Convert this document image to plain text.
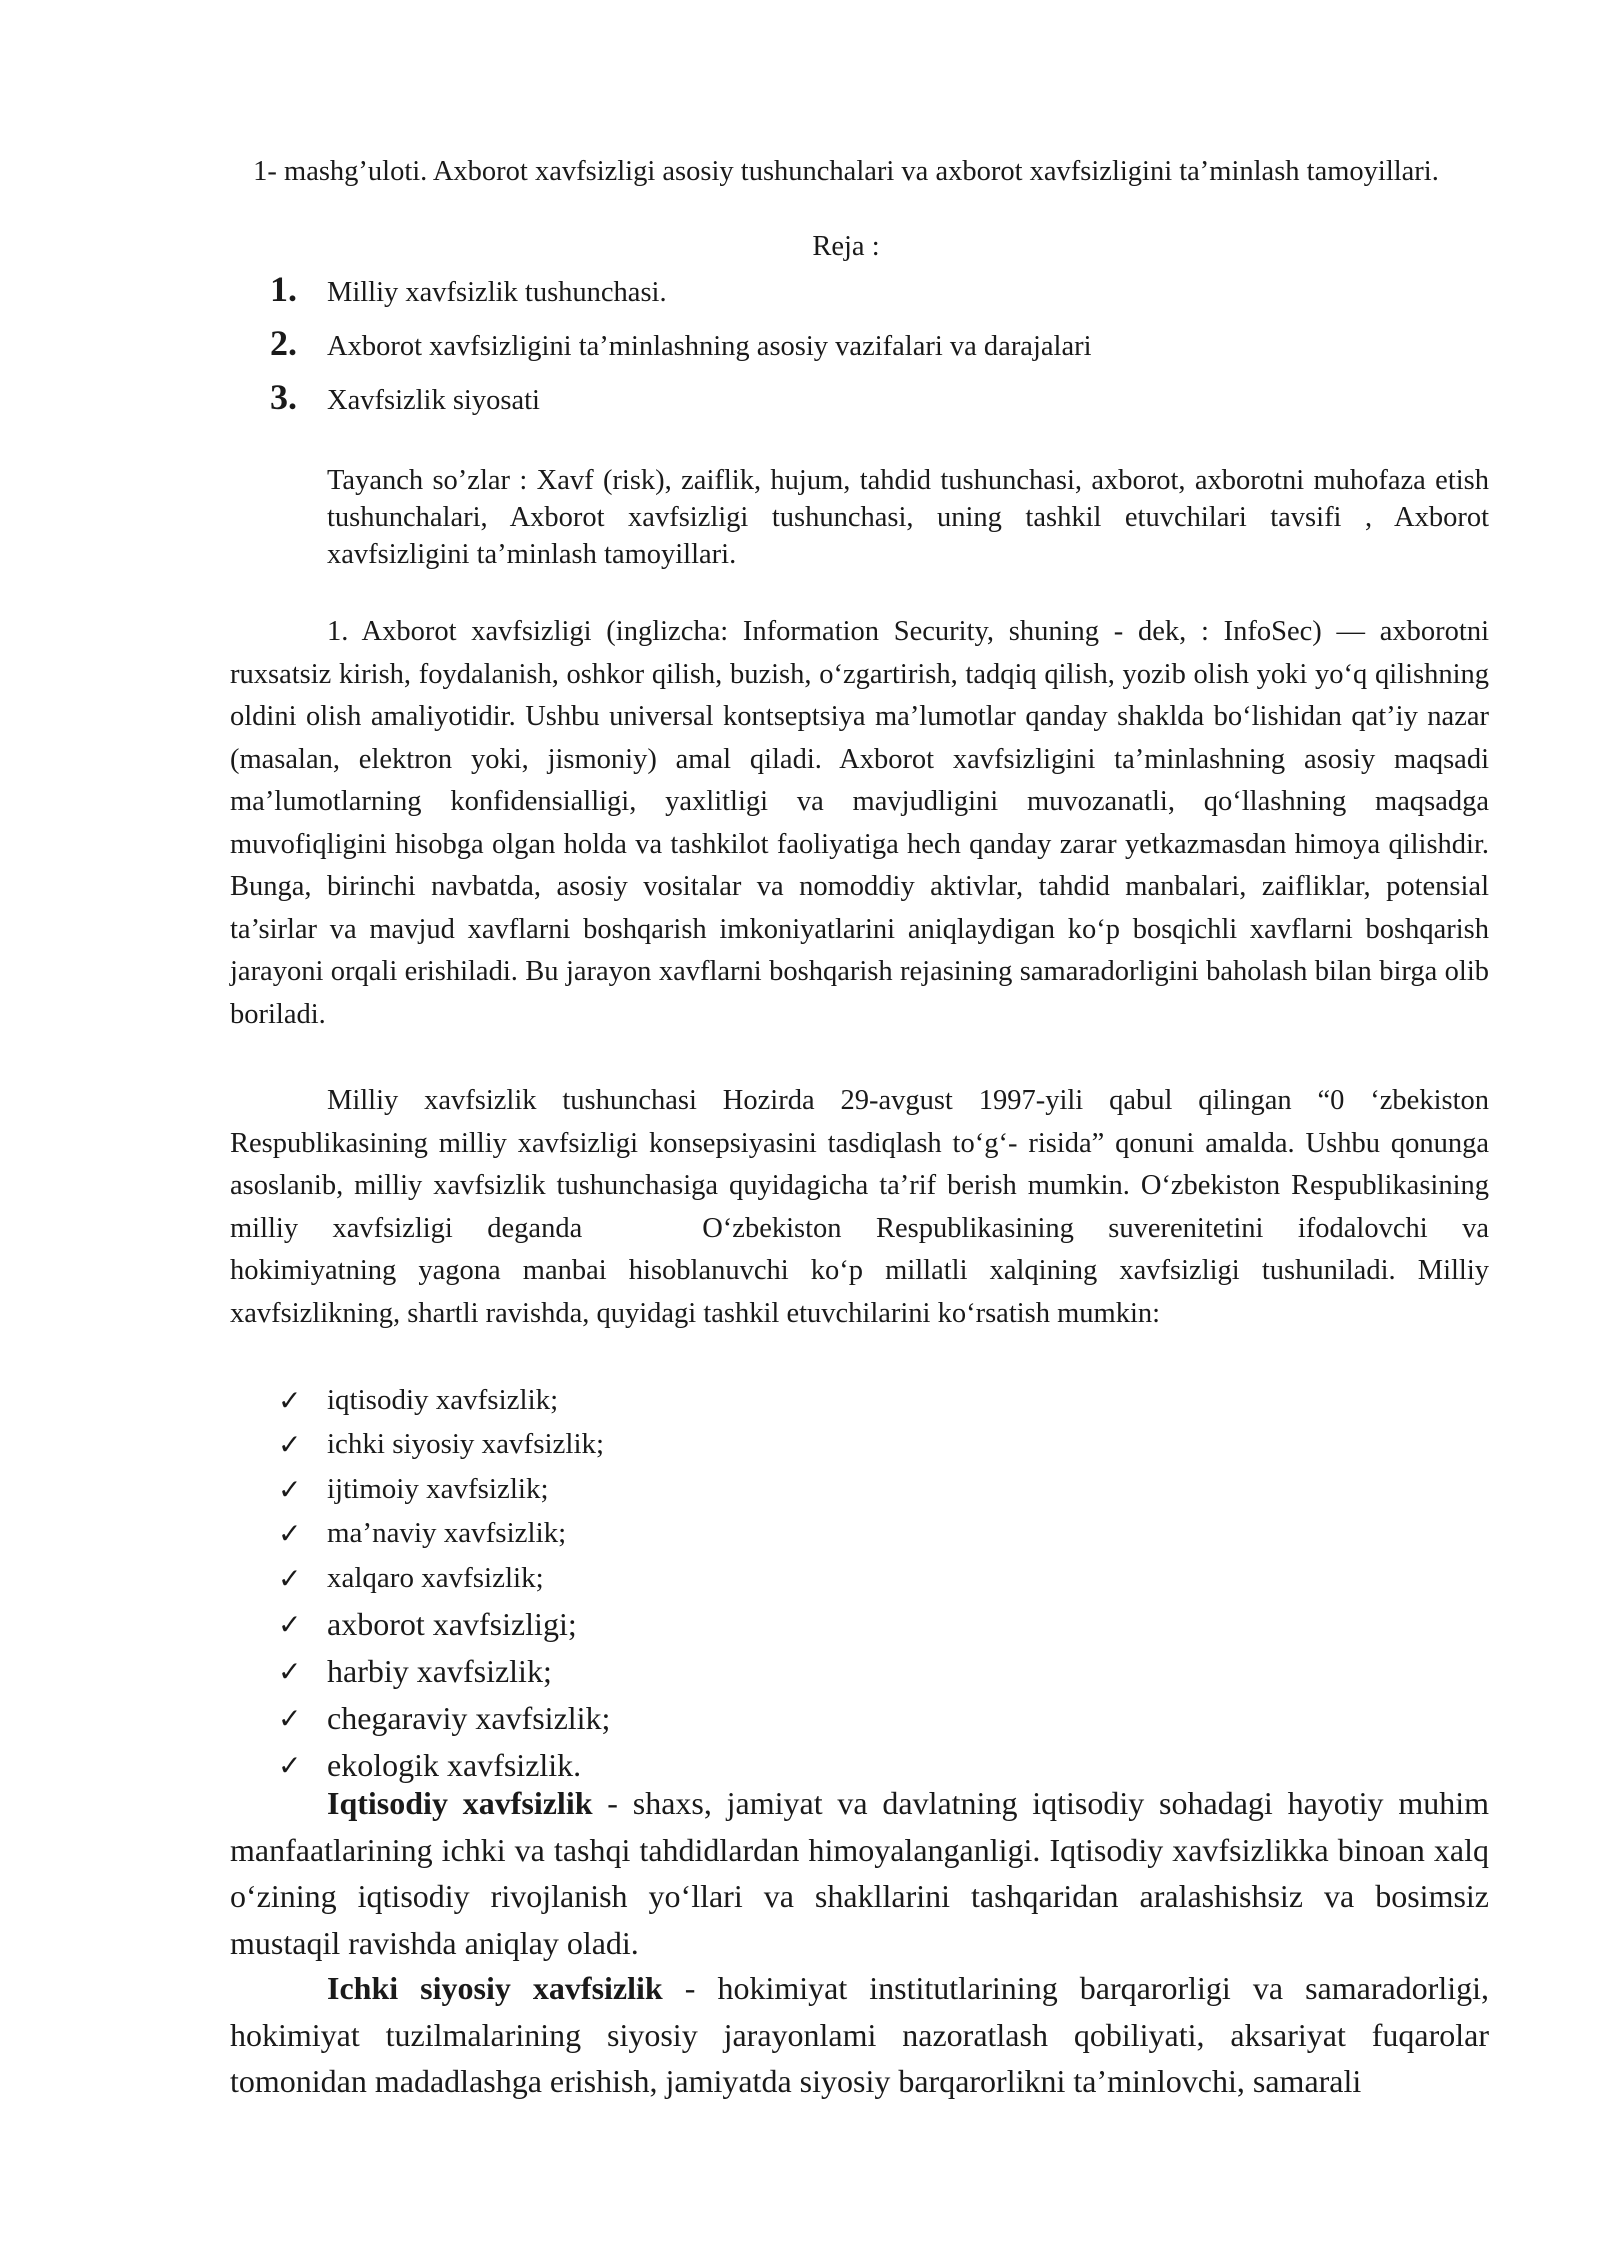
1- mashg’uloti. Axborot xavfsizligi asosiy tushunchalari va axborot xavfsizligini ta’minlash tamoyillari.
Reja :
1.	Milliy xavfsizlik tushunchasi.
2.	Axborot xavfsizligini ta’minlashning asosiy vazifalari va darajalari
3.	Xavfsizlik siyosati
Tayanch so’zlar : Xavf (risk), zaiflik, hujum, tahdid tushunchasi, axborot, axborotni muhofaza etish tushunchalari, Axborot xavfsizligi tushunchasi, uning tashkil etuvchilari tavsifi , Axborot xavfsizligini ta’minlash tamoyillari.
1. Axborot xavfsizligi (inglizcha: Information Security, shuning - dek, : InfoSec) — axborotni ruxsatsiz kirish, foydalanish, oshkor qilish, buzish, o‘zgartirish, tadqiq qilish, yozib olish yoki yo‘q qilishning oldini olish amaliyotidir. Ushbu universal kontseptsiya ma’lumotlar qanday shaklda bo‘lishidan qat’iy nazar (masalan, elektron yoki, jismoniy) amal qiladi. Axborot xavfsizligini ta’minlashning asosiy maqsadi ma’lumotlarning konfidensialligi, yaxlitligi va mavjudligini muvozanatli, qo‘llashning maqsadga muvofiqligini hisobga olgan holda va tashkilot faoliyatiga hech qanday zarar yetkazmasdan himoya qilishdir. Bunga, birinchi navbatda, asosiy vositalar va nomoddiy aktivlar, tahdid manbalari, zaifliklar, potensial ta’sirlar va mavjud xavflarni boshqarish imkoniyatlarini aniqlaydigan ko‘p bosqichli xavflarni boshqarish jarayoni orqali erishiladi. Bu jarayon xavflarni boshqarish rejasining samaradorligini baholash bilan birga olib boriladi.
Milliy xavfsizlik tushunchasi Hozirda 29-avgust 1997-yili qabul qilingan “0 ‘zbekiston Respublikasining milliy xavfsizligi konsepsiyasini tasdiqlash to‘g‘- risida” qonuni amalda. Ushbu qonunga asoslanib, milliy xavfsizlik tushunchasiga quyidagicha ta’rif berish mumkin. O‘zbekiston Respublikasining milliy xavfsizligi deganda	O‘zbekiston Respublikasining suverenitetini ifodalovchi va hokimiyatning yagona manbai hisoblanuvchi ko‘p millatli xalqining xavfsizligi tushuniladi. Milliy xavfsizlikning, shartli ravishda, quyidagi tashkil etuvchilarini ko‘rsatish mumkin:
✓ iqtisodiy xavfsizlik;
✓ ichki siyosiy xavfsizlik;
✓ ijtimoiy xavfsizlik;
✓ ma’naviy xavfsizlik;
✓ xalqaro xavfsizlik;
✓ axborot xavfsizligi;
✓ harbiy xavfsizlik;
✓ chegaraviy xavfsizlik;
✓ ekologik xavfsizlik.
Iqtisodiy xavfsizlik - shaxs, jamiyat va davlatning iqtisodiy sohadagi hayotiy muhim manfaatlarining ichki va tashqi tahdidlardan himoyalanganligi. Iqtisodiy xavfsizlikka binoan xalq o‘zining iqtisodiy rivojlanish yo‘llari va shakllarini tashqaridan aralashishsiz va bosimsiz mustaqil ravishda aniqlay oladi.
Ichki siyosiy xavfsizlik - hokimiyat institutlarining barqarorligi va samaradorligi, hokimiyat tuzilmalarining siyosiy jarayonlami nazoratlash qobiliyati, aksariyat fuqarolar tomonidan madadlashga erishish, jamiyatda siyosiy barqarorlikni ta’minlovchi, samarali
